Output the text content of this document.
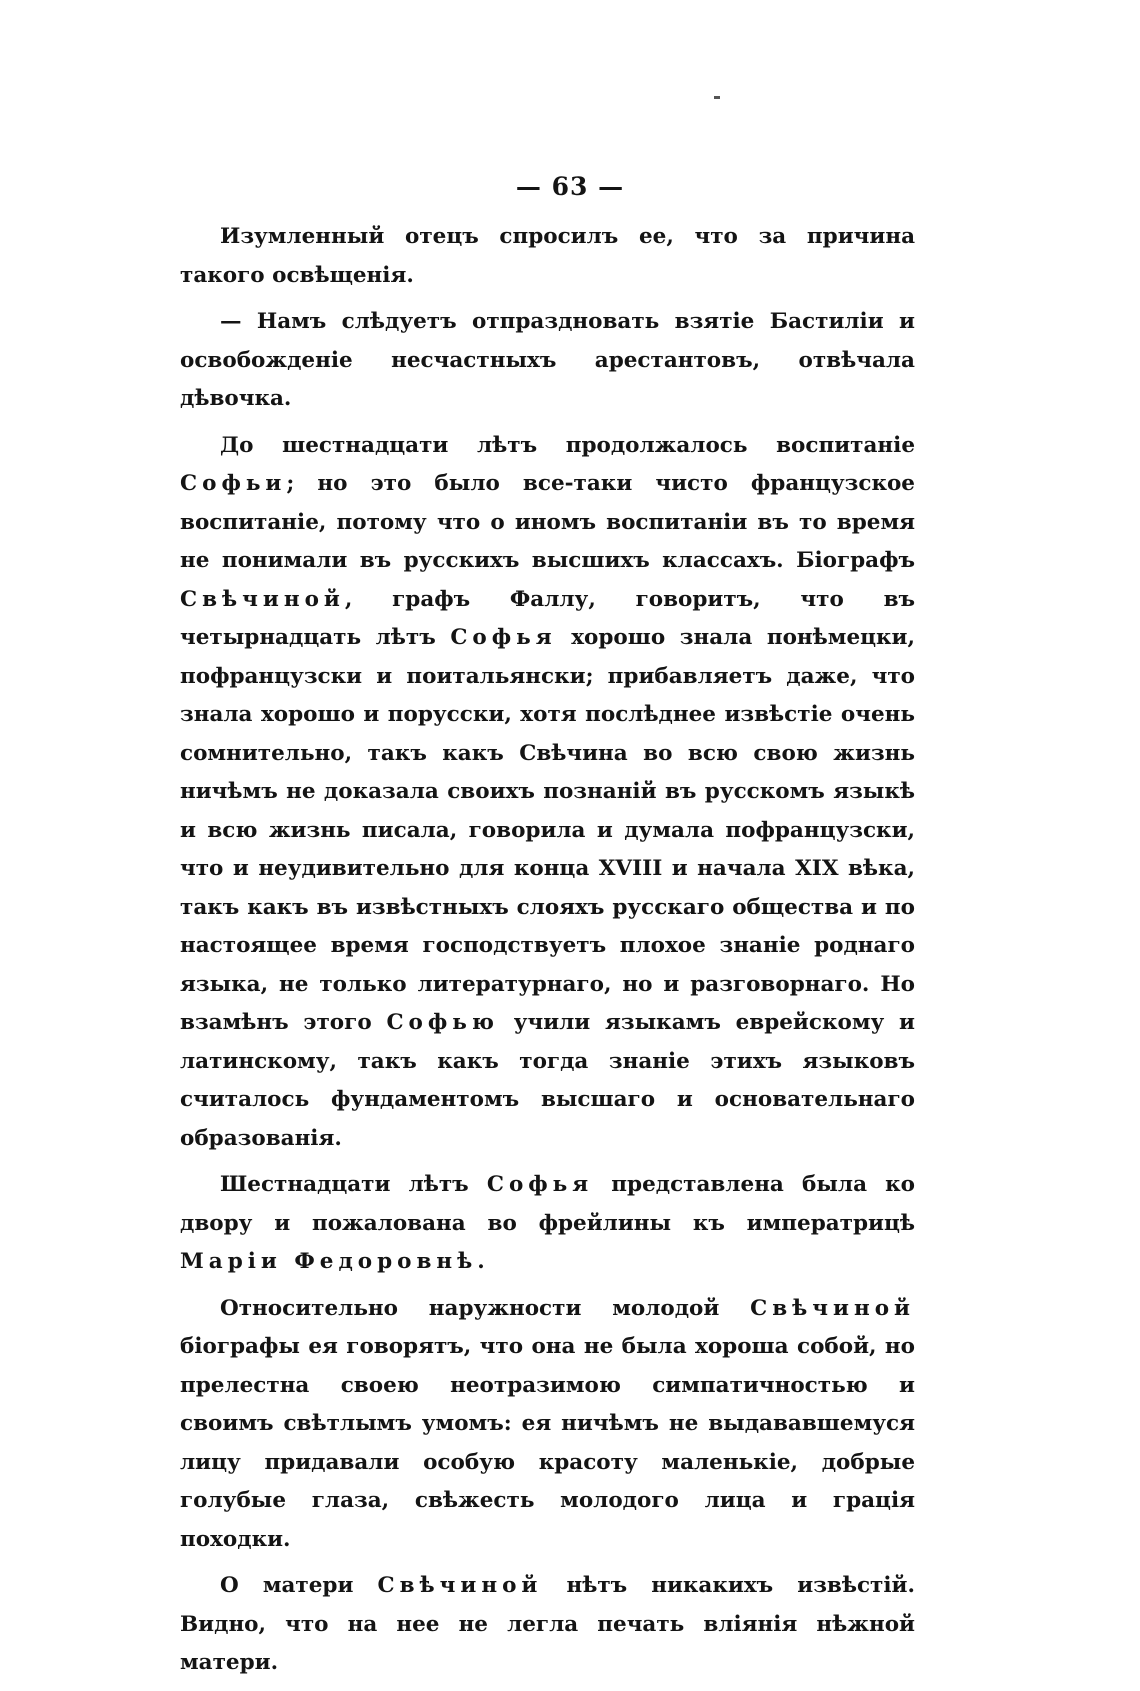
— 63 —

Изумленный отецъ спросилъ ее, что за причина такого освѣщенія.

— Намъ слѣдуетъ отпраздновать взятіе Бастиліи и освобожденіе несчастныхъ арестантовъ, отвѣчала дѣвочка.

До шестнадцати лѣтъ продолжалось воспитаніе Софьи; но это было все-таки чисто французское воспитаніе, потому что о иномъ воспитаніи въ то время не понимали въ русскихъ высшихъ классахъ. Біографъ Свѣчиной, графъ Фаллу, говоритъ, что въ четырнадцать лѣтъ Софья хорошо знала понѣмецки, пофранцузски и поитальянски; прибавляетъ даже, что знала хорошо и порусски, хотя послѣднее извѣстіе очень сомнительно, такъ какъ Свѣчина во всю свою жизнь ничѣмъ не доказала своихъ познаній въ русскомъ языкѣ и всю жизнь писала, говорила и думала пофранцузски, что и неудивительно для конца XVIII и начала XIX вѣка, такъ какъ въ извѣстныхъ слояхъ русскаго общества и по настоящее время господствуетъ плохое знаніе роднаго языка, не только литературнаго, но и разговорнаго. Но взамѣнъ этого Софью учили языкамъ еврейскому и латинскому, такъ какъ тогда знаніе этихъ языковъ считалось фундаментомъ высшаго и основательнаго образованія.

Шестнадцати лѣтъ Софья представлена была ко двору и пожалована во фрейлины къ императрицѣ Маріи Федоровнѣ.

Относительно наружности молодой Свѣчиной біографы ея говорятъ, что она не была хороша собой, но прелестна своею неотразимою симпатичностью и своимъ свѣтлымъ умомъ: ея ничѣмъ не выдававшемуся лицу придавали особую красоту маленькіе, добрые голубые глаза, свѣжесть молодого лица и грація походки.

О матери Свѣчиной нѣтъ никакихъ извѣстій. Видно, что на нее не легла печать вліянія нѣжной матери.
